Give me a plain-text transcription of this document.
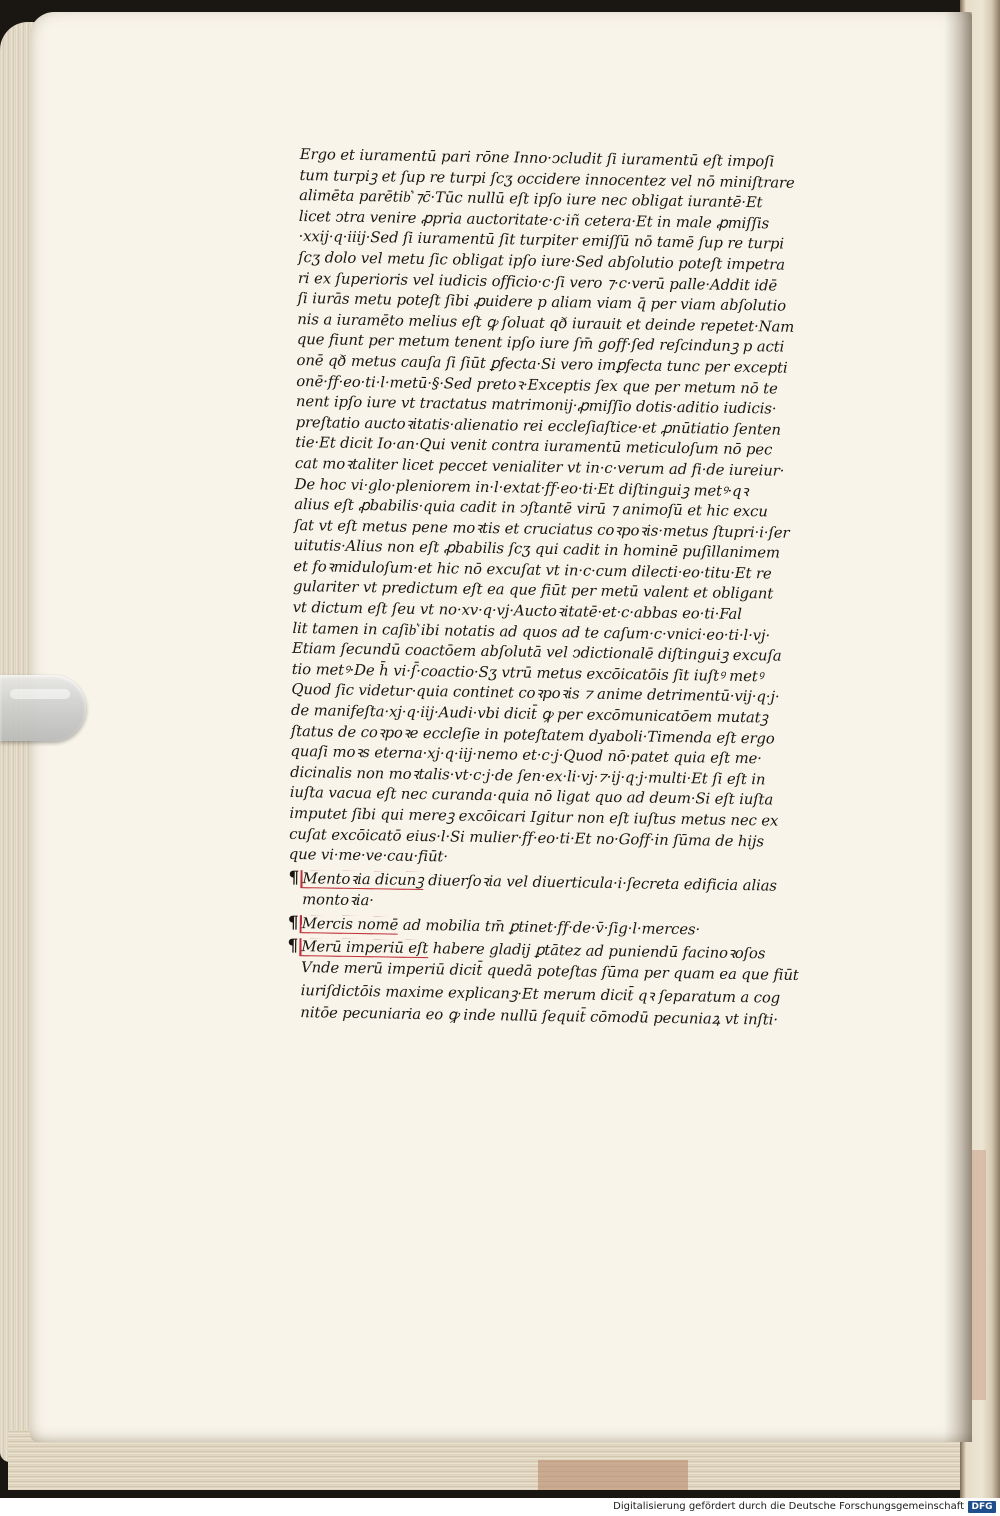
Ergo et iuramentū pari rōne Inno·ↄcludit ſi iuramentū eſt impoſi
tum turpiꝫ et ſup re turpi ſcʒ occidere innocentez vel nō miniſtrare
alimēta parētib͛ ⁊c̄·Tūc nullū eſt ipſo iure nec obligat iurantē·Et
licet ↄtra venire ꝓpria auctoritate·c·iñ cetera·Et in male ꝓmiſſis
·xxij·q·iiij·Sed ſi iuramentū ſit turpiter emiſſū nō tamē ſup re turpi
ſcʒ dolo vel metu ſic obligat ipſo iure·Sed abſolutio poteſt impetra
ri ex ſuperioris vel iudicis officio·c·ſi vero ⁊·c·verū palle·Addit idē
ſi iurās metu poteſt ſibi ꝓuidere p aliam viam q̄ per viam abſolutio
nis a iuramēto melius eſt ꝙ ſoluat qð iurauit et deinde repetet·Nam
que fiunt per metum tenent ipſo iure ſm̄ goff·ſed reſcindunꝫ p acti
onē qð metus cauſa ſi ſiūt ꝑfecta·Si vero imꝑfecta tunc per excepti
onē·ff·eo·ti·l·metū·§·Sed pretoꝛ·Exceptis ſex que per metum nō te
nent ipſo iure vt tractatus matrimonij·ꝓmiſſio dotis·aditio iudicis·
preſtatio auctoꝛitatis·alienatio rei eccleſiaſtice·et ꝓnūtiatio ſenten
tie·Et dicit Io·an·Qui venit contra iuramentū meticuloſum nō pec
cat moꝛtaliter licet peccet venialiter vt in·c·verum ad fi·de iureiur·
De hoc vi·glo·pleniorem in·l·extat·ff·eo·ti·Et diſtinguiꝫ metꝰ·qꝛ
alius eſt ꝓbabilis·quia cadit in ↄſtantē virū ⁊ animoſū et hic excu
ſat vt eſt metus pene moꝛtis et cruciatus coꝛpoꝛis·metus ſtupri·i·ſer
uitutis·Alius non eſt ꝓbabilis ſcʒ qui cadit in hominē puſillanimem
et foꝛmiduloſum·et hic nō excuſat vt in·c·cum dilecti·eo·titu·Et re
gulariter vt predictum eſt ea que fiūt per metū valent et obligant
vt dictum eſt ſeu vt no·xv·q·vj·Auctoꝛitatē·et·c·abbas eo·ti·Fal
lit tamen in caſib͛ ibi notatis ad quos ad te caſum·c·vnici·eo·ti·l·vj·
Etiam ſecundū coactōem abſolutā vel ↄdictionalē diſtinguiꝫ excuſa
tio metꝰ·De h̄ vi·ſ̄·coactio·Sʒ vtrū metus excōicatōis ſit iuſtꝰ metꝰ
Quod ſic videtur·quia continet coꝛpoꝛis ⁊ anime detrimentū·vij·q·j·
de manifeſta·xj·q·iij·Audi·vbi dicit̄ ꝙ per excōmunicatōem mutatꝫ
ſtatus de coꝛpoꝛe eccleſie in poteſtatem dyaboli·Timenda eſt ergo
quaſi moꝛs eterna·xj·q·iij·nemo et·c·j·Quod nō·patet quia eſt me·
dicinalis non moꝛtalis·vt·c·j·de ſen·ex·li·vj·⁊·ij·q·j·multi·Et ſi eſt in
iuſta vacua eſt nec curanda·quia nō ligat quo ad deum·Si eſt iuſta
imputet ſibi qui mereꝫ excōicari Igitur non eſt iuſtus metus nec ex
cuſat excōicatō eius·l·Si mulier·ff·eo·ti·Et no·Goff·in ſūma de hijs
que vi·me·ve·cau·fiūt·
¶ Mentoꝛia dicunꝫ diuerſoꝛia vel diuerticula·i·ſecreta edificia alias
montoꝛia·
¶ Mercis nomē ad mobilia tm̄ ꝑtinet·ff·de·v̄·ſig·l·merces·
¶ Merū imperiū eſt habere gladij ꝑtātez ad puniendū facinoꝛoſos
Vnde merū imperiū dicit̄ quedā poteſtas ſūma per quam ea que fiūt
iuriſdictōis maxime explicanꝫ·Et merum dicit̄ qꝛ ſeparatum a cog
nitōe pecuniaria eo ꝙ inde nullū ſequit̄ cōmodū pecuniaꝝ vt inſti·
Digitalisierung gefördert durch die Deutsche Forschungsgemeinschaft DFG
